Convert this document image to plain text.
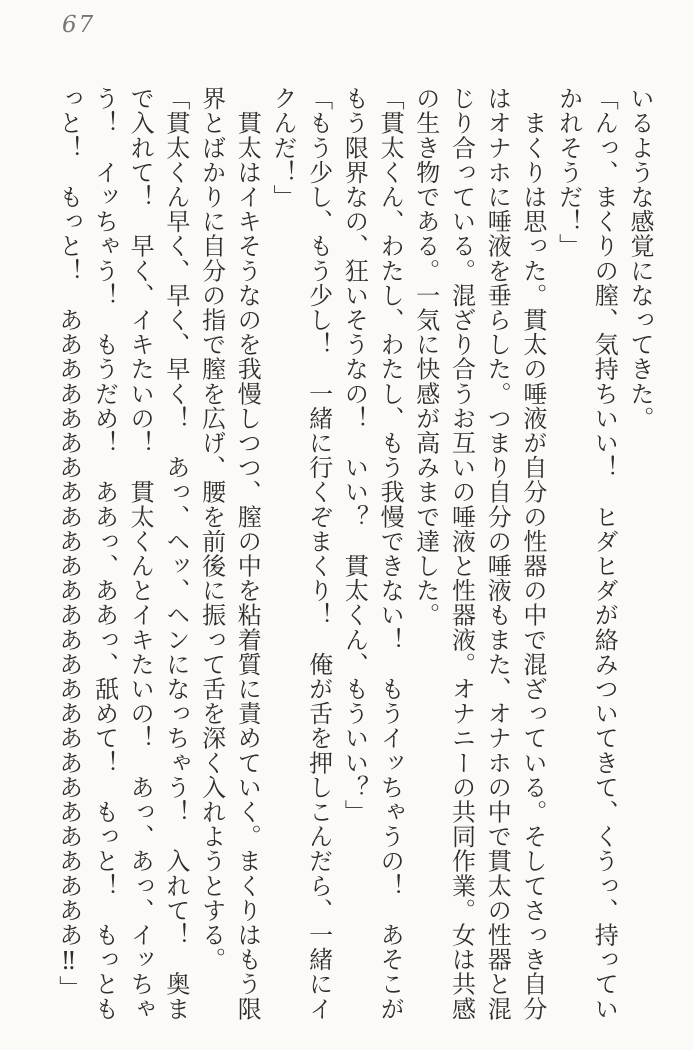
67

いるような感覚になってきた。

「んっ、まくりの膣、気持ちいい！　ヒダヒダが絡みついてきて、くうっ、持ってい

かれそうだ！」

　まくりは思った。貫太の唾液が自分の性器の中で混ざっている。そしてさっき自分

はオナホに唾液を垂らした。つまり自分の唾液もまた、オナホの中で貫太の性器と混

じり合っている。混ざり合うお互いの唾液と性器液。オナニーの共同作業。女は共感

の生き物である。一気に快感が高みまで達した。

「貫太くん、わたし、わたし、もう我慢できない！　もうイッちゃうの！　あそこが

もう限界なの、狂いそうなの！　いい？　貫太くん、もういい？」

「もう少し、もう少し！　一緒に行くぞまくり！　俺が舌を押しこんだら、一緒にイ

クんだ！」

　貫太はイキそうなのを我慢しつつ、膣の中を粘着質に責めていく。まくりはもう限

界とばかりに自分の指で膣を広げ、腰を前後に振って舌を深く入れようとする。

「貫太くん早く、早く、早く！　あっ、ヘッ、ヘンになっちゃう！　入れて！　奥ま

で入れて！　早く、イキたいの！　貫太くんとイキたいの！　あっ、あっ、イッちゃ

う！　イッちゃう！　もうだめ！　ああっ、ああっ、舐めて！　もっと！　もっとも

っと！　もっと！　ああああああああああああああああああああああああああ‼」
